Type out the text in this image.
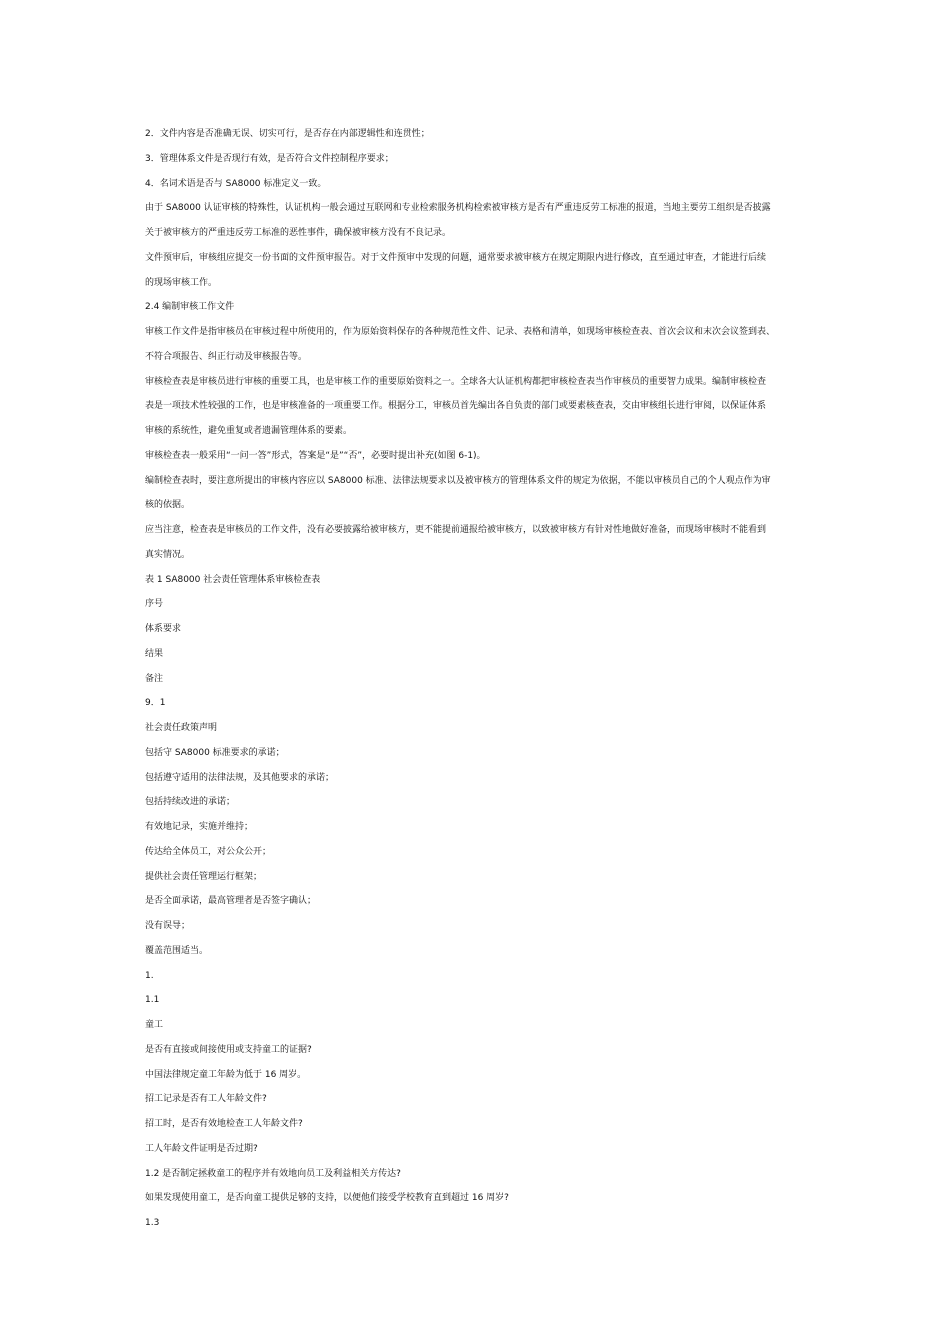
2．文件内容是否准确无误、切实可行，是否存在内部逻辑性和连贯性；
3．管理体系文件是否现行有效，是否符合文件控制程序要求；
4．名词术语是否与 SA8000 标准定义一致。
由于 SA8000 认证审核的特殊性，认证机构一般会通过互联网和专业检索服务机构检索被审核方是否有严重违反劳工标准的报道，当地主要劳工组织是否披露
关于被审核方的严重违反劳工标准的恶性事件，确保被审核方没有不良记录。
文件预审后，审核组应提交一份书面的文件预审报告。对于文件预审中发现的问题，通常要求被审核方在规定期限内进行修改，直至通过审查，才能进行后续
的现场审核工作。
2.4 编制审核工作文件
审核工作文件是指审核员在审核过程中所使用的，作为原始资料保存的各种规范性文件、记录、表格和清单，如现场审核检查表、首次会议和末次会议签到表、
不符合项报告、纠正行动及审核报告等。
审核检查表是审核员进行审核的重要工具，也是审核工作的重要原始资料之一。全球各大认证机构都把审核检查表当作审核员的重要智力成果。编制审核检查
表是一项技术性较强的工作，也是审核准备的一项重要工作。根据分工，审核员首先编出各自负责的部门或要素核查表，交由审核组长进行审阅，以保证体系
审核的系统性，避免重复或者遗漏管理体系的要素。
审核检查表一般采用“一问一答”形式，答案是“是”“否”，必要时提出补充(如图 6-1)。
编制检查表时，要注意所提出的审核内容应以 SA8000 标准、法律法规要求以及被审核方的管理体系文件的规定为依据，不能以审核员自己的个人观点作为审
核的依据。
应当注意，检查表是审核员的工作文件，没有必要披露给被审核方，更不能提前通报给被审核方，以致被审核方有针对性地做好准备，而现场审核时不能看到
真实情况。
表 1 SA8000 社会责任管理体系审核检查表
序号
体系要求
结果
备注
9．1
社会责任政策声明
包括守 SA8000 标准要求的承诺；
包括遵守适用的法律法规，及其他要求的承诺；
包括持续改进的承诺；
有效地记录，实施并维持；
传达给全体员工，对公众公开；
提供社会责任管理运行框架；
是否全面承诺，最高管理者是否签字确认；
没有误导；
覆盖范围适当。
1.
1.1
童工
是否有直接或间接使用或支持童工的证据?
中国法律规定童工年龄为低于 16 周岁。
招工记录是否有工人年龄文件?
招工时，是否有效地检查工人年龄文件?
工人年龄文件证明是否过期?
1.2 是否制定拯救童工的程序并有效地向员工及利益相关方传达?
如果发现使用童工，是否向童工提供足够的支持，以便他们接受学校教育直到超过 16 周岁?
1.3
